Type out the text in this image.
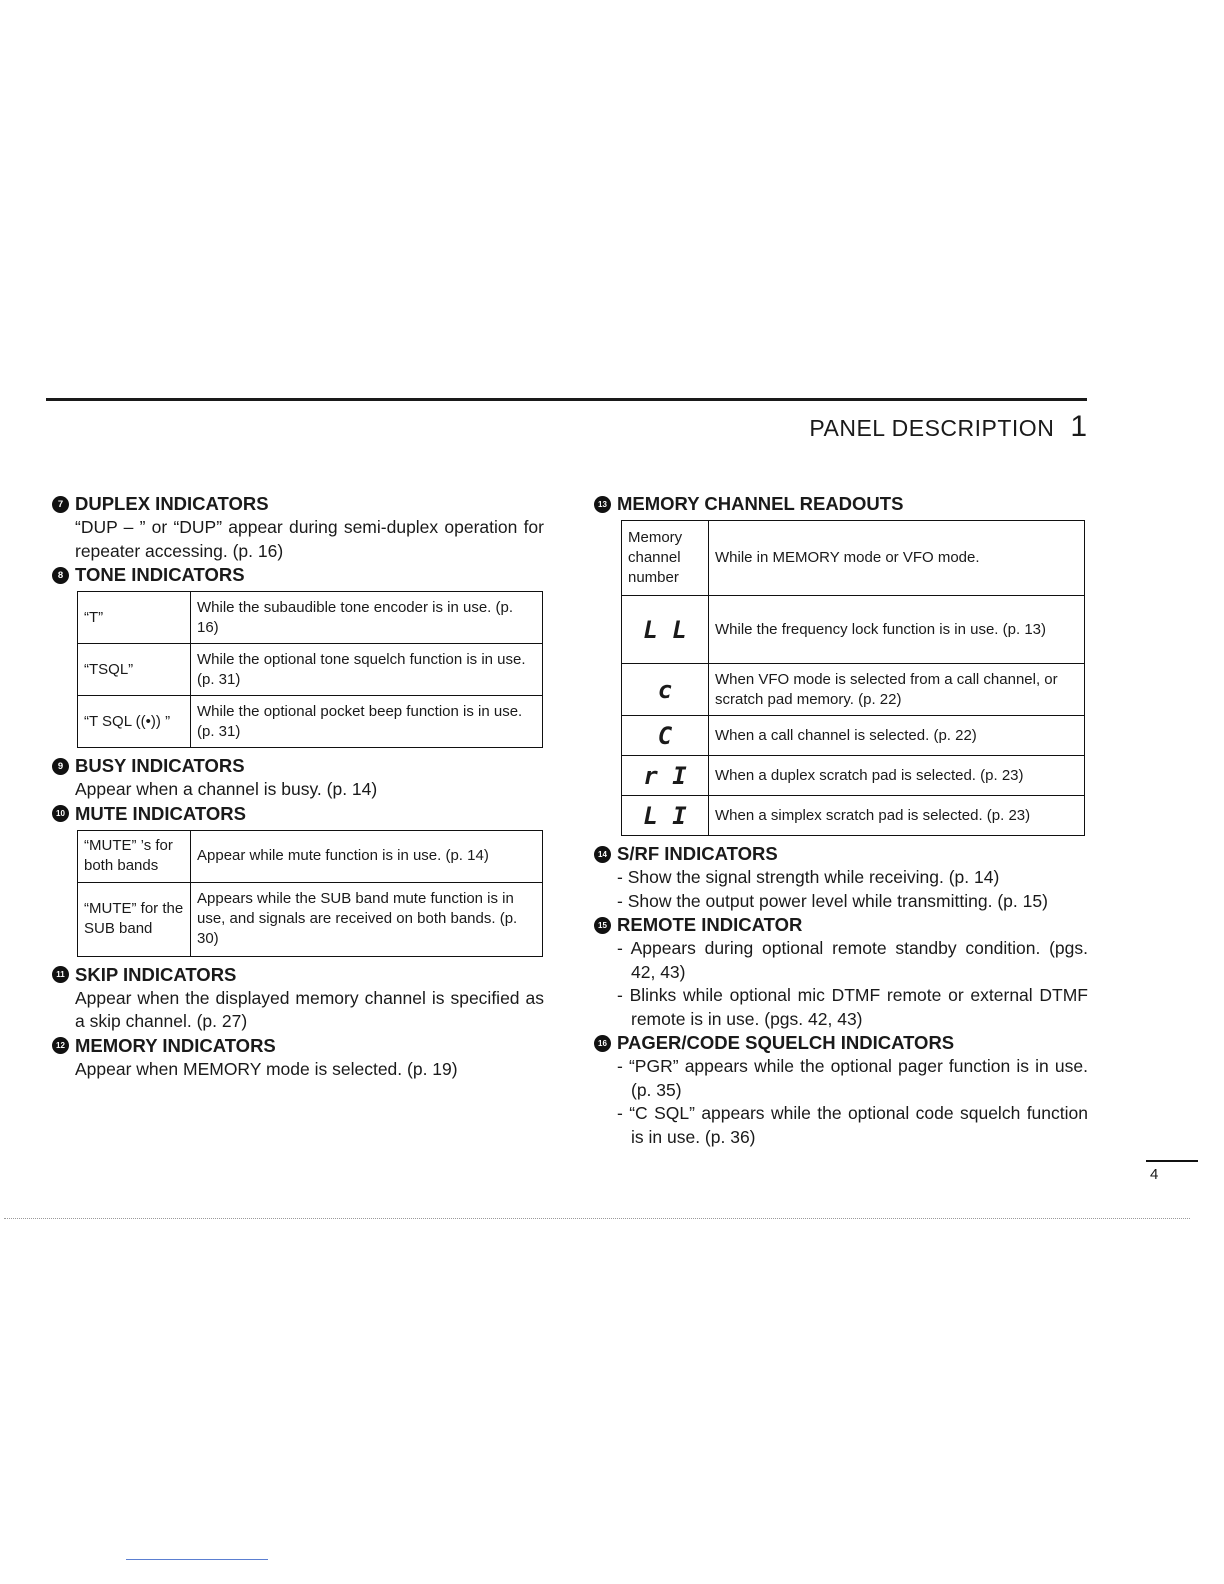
PANEL DESCRIPTION 1
7 DUPLEX INDICATORS
“DUP – ” or “DUP” appear during semi-duplex operation for repeater accessing. (p. 16)
8 TONE INDICATORS
“T”	While the subaudible tone encoder is in use. (p. 16)
“TSQL”	While the optional tone squelch function is in use. (p. 31)
“T SQL ((•)) ”	While the optional pocket beep function is in use. (p. 31)
9 BUSY INDICATORS
Appear when a channel is busy. (p. 14)
10 MUTE INDICATORS
“MUTE” ’s for both bands	Appear while mute function is in use. (p. 14)
“MUTE” for the SUB band	Appears while the SUB band mute function is in use, and signals are received on both bands. (p. 30)
11 SKIP INDICATORS
Appear when the displayed memory channel is specified as a skip channel. (p. 27)
12 MEMORY INDICATORS
Appear when MEMORY mode is selected. (p. 19)
13 MEMORY CHANNEL READOUTS
Memory channel number	While in MEMORY mode or VFO mode.

L L	While the frequency lock function is in use. (p. 13)

c	When VFO mode is selected from a call channel, or scratch pad memory. (p. 22)

C	When a call channel is selected. (p. 22)

r I	When a duplex scratch pad is selected. (p. 23)

L I	When a simplex scratch pad is selected. (p. 23)
14 S/RF INDICATORS
- Show the signal strength while receiving. (p. 14)
- Show the output power level while transmitting. (p. 15)
15 REMOTE INDICATOR
- Appears during optional remote standby condition. (pgs. 42, 43)
- Blinks while optional mic DTMF remote or external DTMF remote is in use. (pgs. 42, 43)
16 PAGER/CODE SQUELCH INDICATORS
- “PGR” appears while the optional pager function is in use. (p. 35)
- “C SQL” appears while the optional code squelch function is in use. (p. 36)
4
